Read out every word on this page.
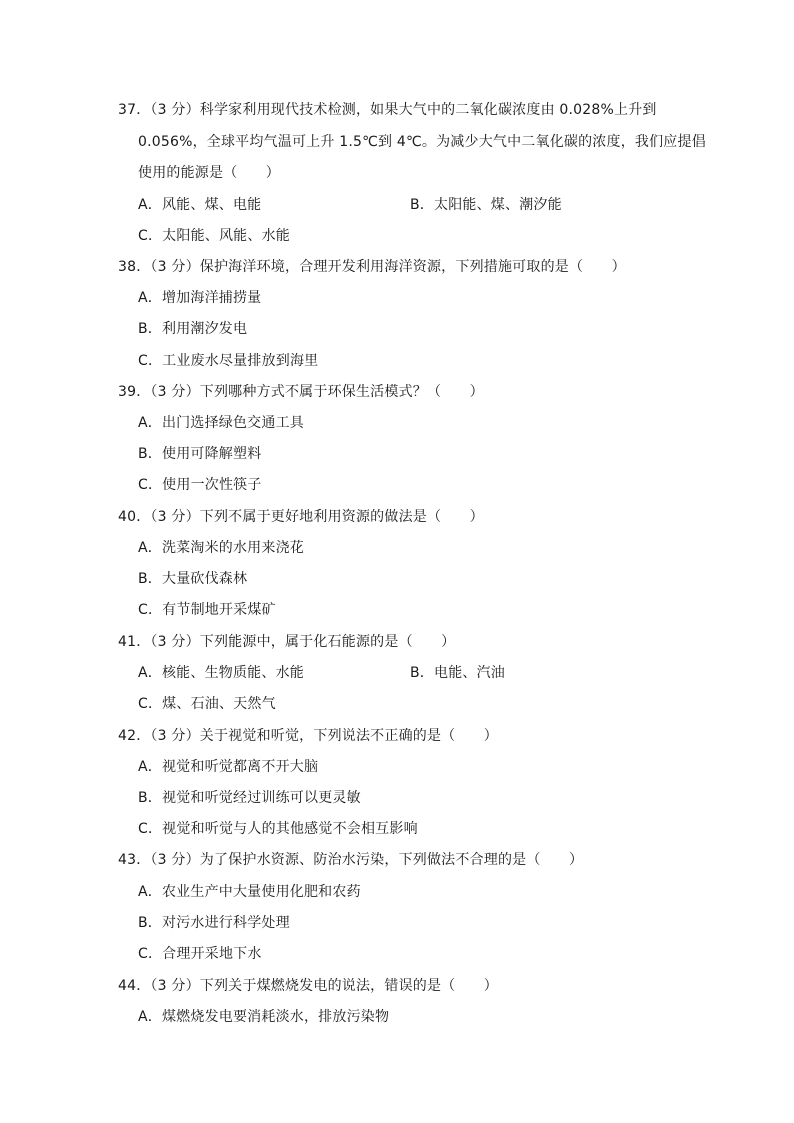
37．（3 分）科学家利用现代技术检测，如果大气中的二氧化碳浓度由 0.028%上升到
0.056%，全球平均气温可上升 1.5℃到 4℃。为减少大气中二氧化碳的浓度，我们应提倡
使用的能源是（　　）
A．风能、煤、电能	B．太阳能、煤、潮汐能
C．太阳能、风能、水能
38．（3 分）保护海洋环境，合理开发利用海洋资源，下列措施可取的是（　　）
A．增加海洋捕捞量
B．利用潮汐发电
C．工业废水尽量排放到海里
39．（3 分）下列哪种方式不属于环保生活模式？（　　）
A．出门选择绿色交通工具
B．使用可降解塑料
C．使用一次性筷子
40．（3 分）下列不属于更好地利用资源的做法是（　　）
A．洗菜淘米的水用来浇花
B．大量砍伐森林
C．有节制地开采煤矿
41．（3 分）下列能源中，属于化石能源的是（　　）
A．核能、生物质能、水能	B．电能、汽油
C．煤、石油、天然气
42．（3 分）关于视觉和听觉，下列说法不正确的是（　　）
A．视觉和听觉都离不开大脑
B．视觉和听觉经过训练可以更灵敏
C．视觉和听觉与人的其他感觉不会相互影响
43．（3 分）为了保护水资源、防治水污染，下列做法不合理的是（　　）
A．农业生产中大量使用化肥和农药
B．对污水进行科学处理
C．合理开采地下水
44．（3 分）下列关于煤燃烧发电的说法，错误的是（　　）
A．煤燃烧发电要消耗淡水，排放污染物
